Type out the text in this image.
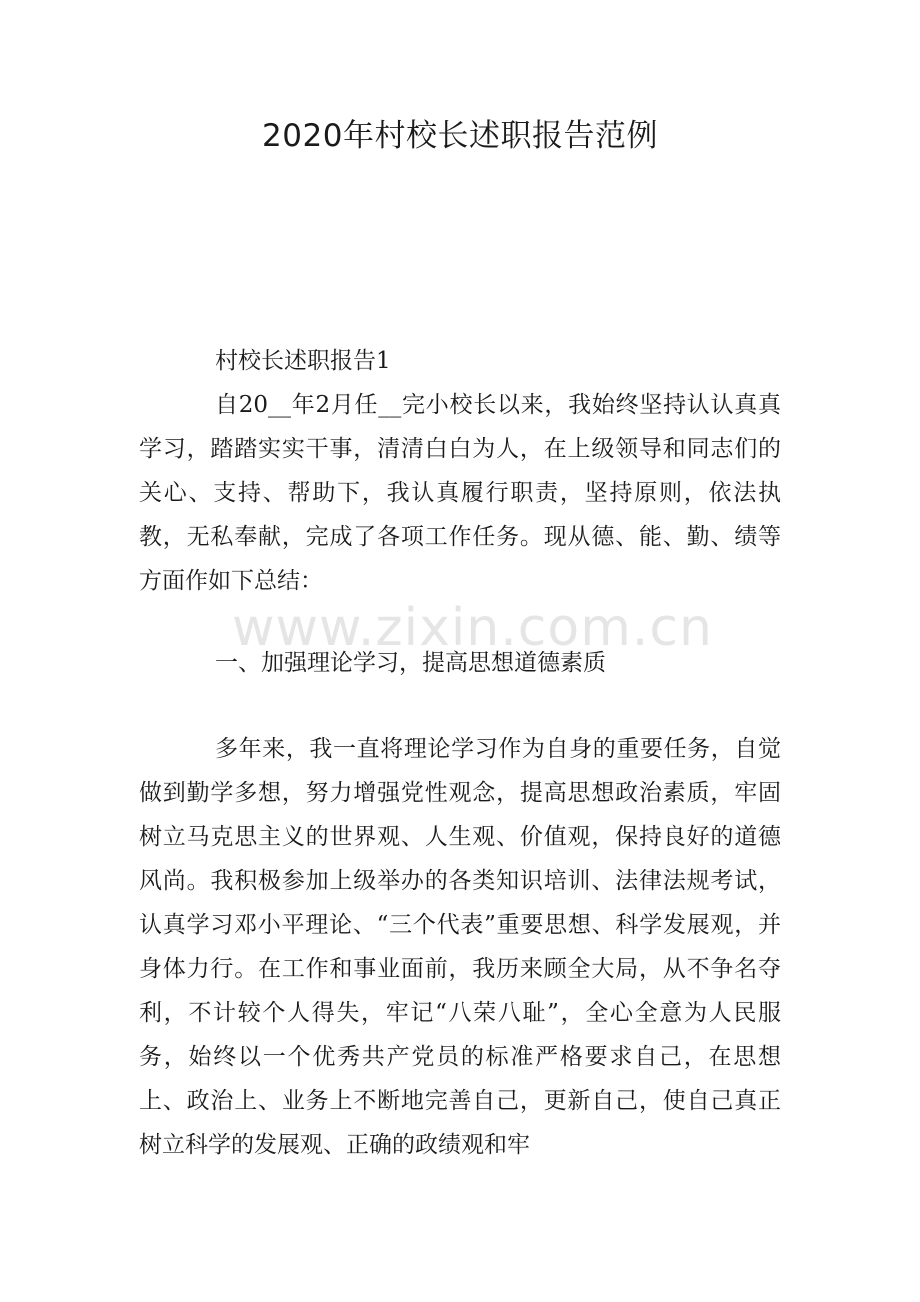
2020年村校长述职报告范例

村校长述职报告1

自20__年2月任__完小校长以来，我始终坚持认认真真学习，踏踏实实干事，清清白白为人，在上级领导和同志们的关心、支持、帮助下，我认真履行职责，坚持原则，依法执教，无私奉献，完成了各项工作任务。现从德、能、勤、绩等方面作如下总结：

www.zixin.com.cn

一、加强理论学习，提高思想道德素质

多年来，我一直将理论学习作为自身的重要任务，自觉做到勤学多想，努力增强党性观念，提高思想政治素质，牢固树立马克思主义的世界观、人生观、价值观，保持良好的道德风尚。我积极参加上级举办的各类知识培训、法律法规考试，认真学习邓小平理论、“三个代表”重要思想、科学发展观，并身体力行。在工作和事业面前，我历来顾全大局，从不争名夺利，不计较个人得失，牢记“八荣八耻”，全心全意为人民服务，始终以一个优秀共产党员的标准严格要求自己，在思想上、政治上、业务上不断地完善自己，更新自己，使自己真正树立科学的发展观、正确的政绩观和牢
